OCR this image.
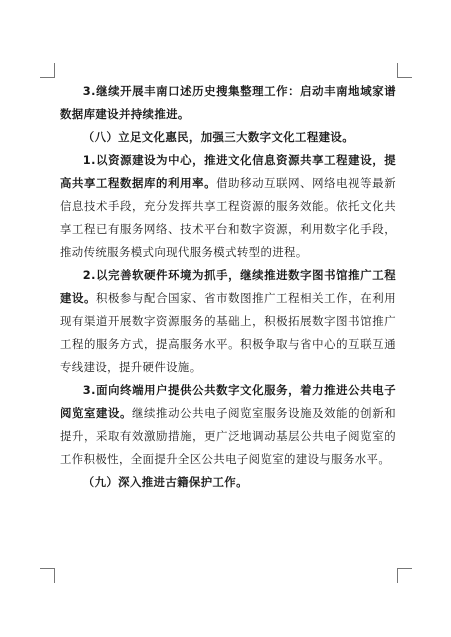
3.继续开展丰南口述历史搜集整理工作：启动丰南地域家谱数据库建设并持续推进。

（八）立足文化惠民，加强三大数字文化工程建设。

1.以资源建设为中心，推进文化信息资源共享工程建设，提高共享工程数据库的利用率。借助移动互联网、网络电视等最新信息技术手段，充分发挥共享工程资源的服务效能。依托文化共享工程已有服务网络、技术平台和数字资源，利用数字化手段，推动传统服务模式向现代服务模式转型的进程。

2.以完善软硬件环境为抓手，继续推进数字图书馆推广工程建设。积极参与配合国家、省市数图推广工程相关工作，在利用现有渠道开展数字资源服务的基础上，积极拓展数字图书馆推广工程的服务方式，提高服务水平。积极争取与省中心的互联互通专线建设，提升硬件设施。

3.面向终端用户提供公共数字文化服务，着力推进公共电子阅览室建设。继续推动公共电子阅览室服务设施及效能的创新和提升，采取有效激励措施，更广泛地调动基层公共电子阅览室的工作积极性，全面提升全区公共电子阅览室的建设与服务水平。

（九）深入推进古籍保护工作。
